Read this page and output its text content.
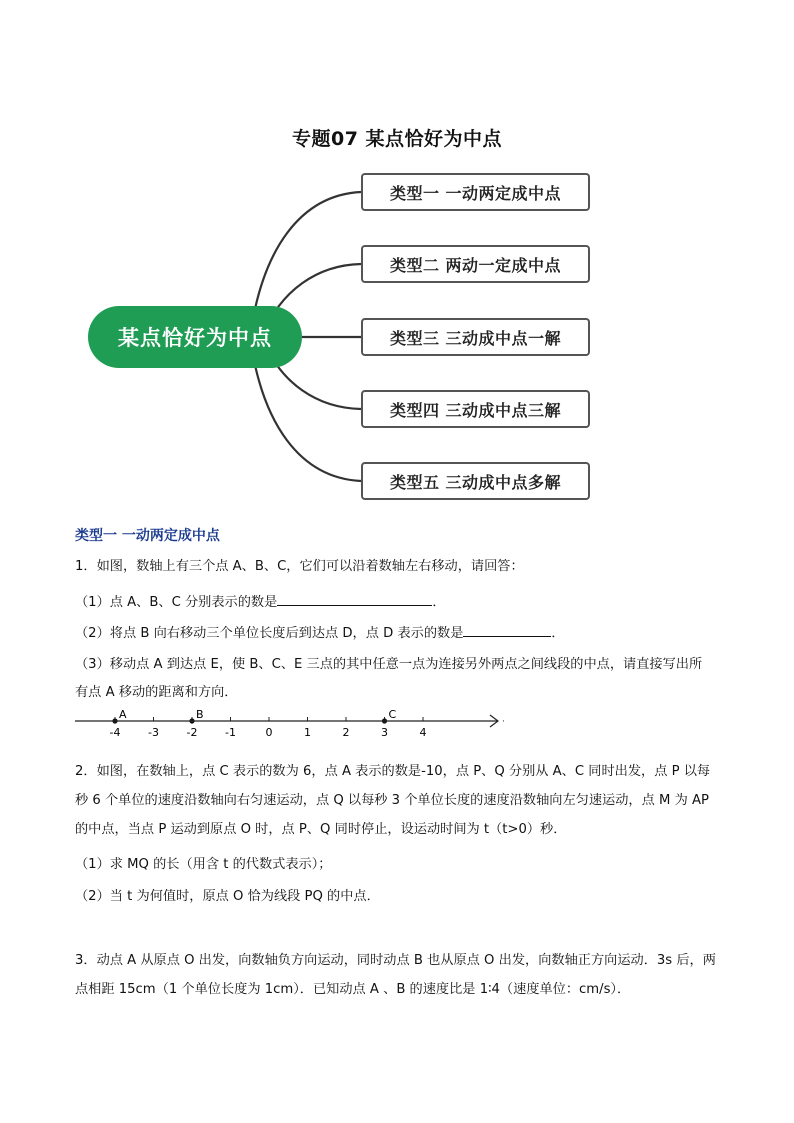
专题07 某点恰好为中点
某点恰好为中点
类型一 一动两定成中点
类型二 两动一定成中点
类型三 三动成中点一解
类型四 三动成中点三解
类型五 三动成中点多解
类型一 一动两定成中点
1．如图，数轴上有三个点 A、B、C，它们可以沿着数轴左右移动，请回答：
（1）点 A、B、C 分别表示的数是	．
（2）将点 B 向右移动三个单位长度后到达点 D，点 D 表示的数是	．
（3）移动点 A 到达点 E，使 B、C、E 三点的其中任意一点为连接另外两点之间线段的中点，请直接写出所
有点 A 移动的距离和方向．
-4	-3	-2	-1	0	1	2	3	4
A	B	C
·
2．如图，在数轴上，点 C 表示的数为 6，点 A 表示的数是-10，点 P、Q 分别从 A、C 同时出发，点 P 以每秒 6 个单位的速度沿数轴向右匀速运动，点 Q 以每秒 3 个单位长度的速度沿数轴向左匀速运动，点 M 为 AP 的中点，当点 P 运动到原点 O 时，点 P、Q 同时停止，设运动时间为 t（t>0）秒．
（1）求 MQ 的长（用含 t 的代数式表示）；
（2）当 t 为何值时，原点 O 恰为线段 PQ 的中点．
3．动点 A 从原点 O 出发，向数轴负方向运动，同时动点 B 也从原点 O 出发，向数轴正方向运动．3s 后，两点相距 15cm（1 个单位长度为 1cm）．已知动点 A 、B 的速度比是 1∶4（速度单位：cm/s）．
